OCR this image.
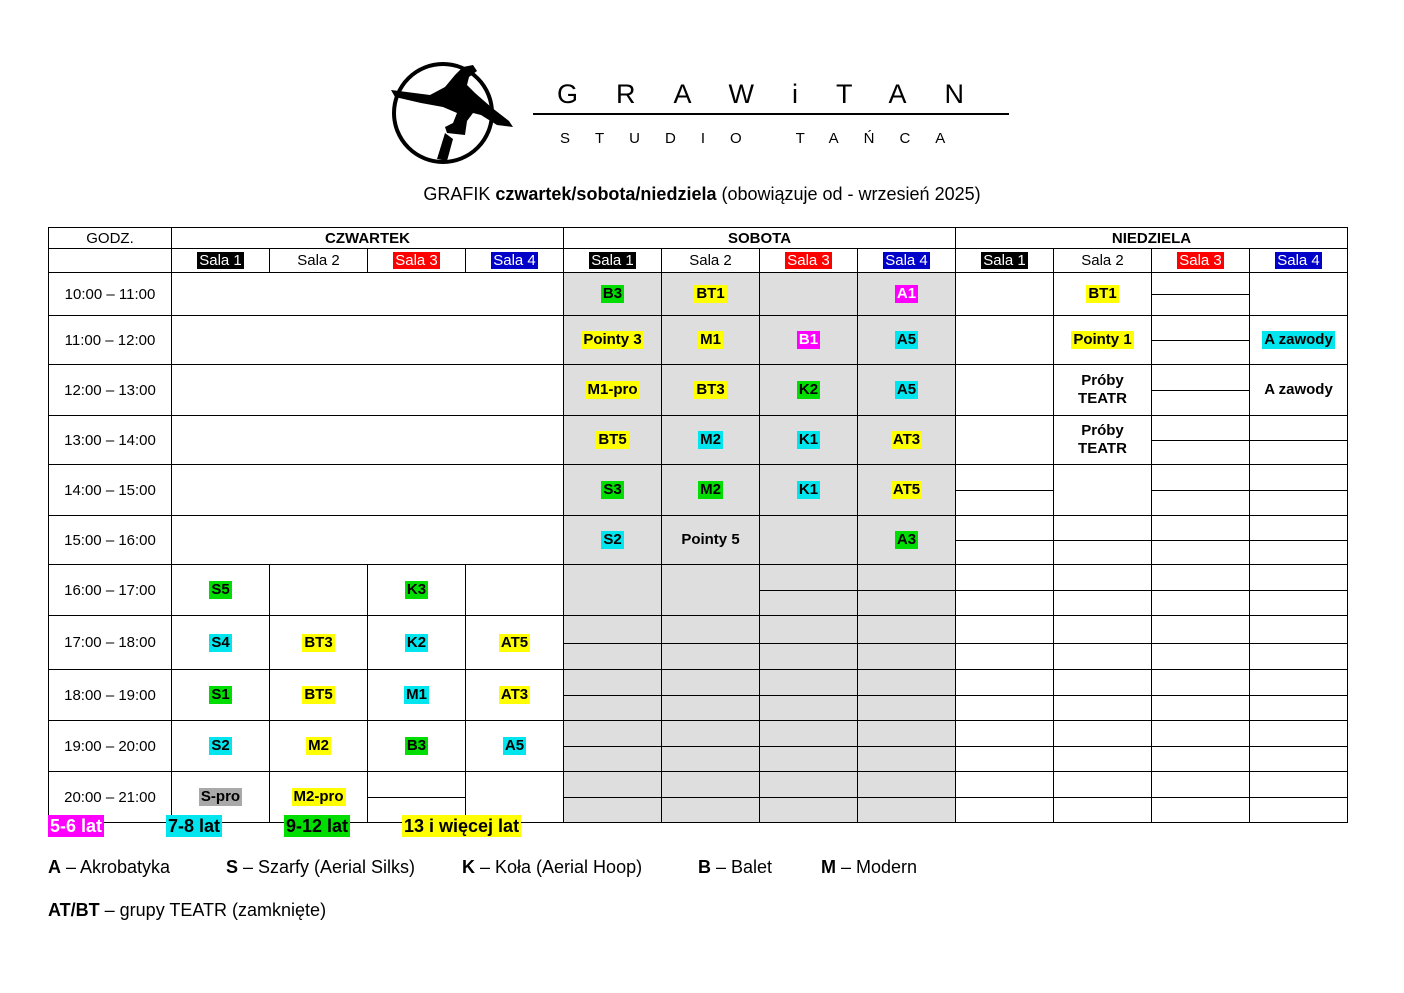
GRAWiTAN
STUDIO TAŃCA
GRAFIK czwartek/sobota/niedziela (obowiązuje od - wrzesień 2025)
GODZ.	CZWARTEK				SOBOTA				NIEDZIELA			
	Sala 1	Sala 2	Sala 3	Sala 4	Sala 1	Sala 2	Sala 3	Sala 4	Sala 1	Sala 2	Sala 3	Sala 4
10:00 – 11:00					B3	BT1		A1		BT1	

11:00 – 12:00					Pointy 3	M1	B1	A5		Pointy 1		A zawody
12:00 – 13:00					M1-pro	BT3	K2	A5		Próby TEATR		A zawody
13:00 – 14:00					BT5	M2	K1	AT3		Próby TEATR	

14:00 – 15:00					S3	M2	K1	AT5	

15:00 – 16:00					S2	Pointy 5		A3	

16:00 – 17:00	S5		K3				

17:00 – 18:00	S4	BT3	K2	AT5	

18:00 – 19:00	S1	BT5	M1	AT3	

19:00 – 20:00	S2	M2	B3	A5	

20:00 – 21:00	S-pro	M2-pro	

5-6 lat	7-8 lat	9-12 lat	13 i więcej lat
A – Akrobatyka	S – Szarfy (Aerial Silks)	K – Koła (Aerial Hoop)	B – Balet	M – Modern
AT/BT – grupy TEATR (zamknięte)
